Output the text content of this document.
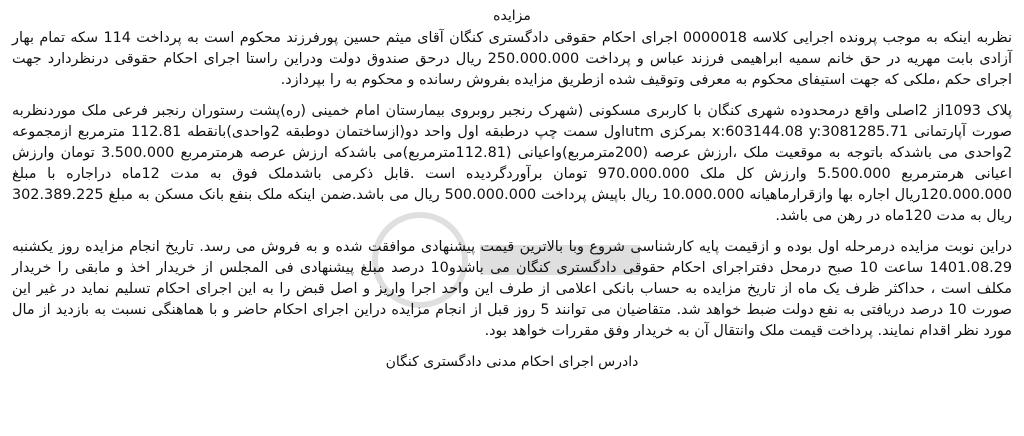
مزایده

نظربه اینکه به موجب پرونده اجرایی کلاسه 0000018 اجرای احکام حقوقی دادگستری کنگان آقای میثم حسین پورفرزند محکوم است به پرداخت 114 سکه تمام بهار آزادی بابت مهریه در حق خانم سمیه ابراهیمی فرزند عباس و پرداخت 250.000.000 ریال درحق صندوق دولت ودراین راستا اجرای احکام حقوقی درنظردارد جهت اجرای حکم ،ملکی که جهت استیفای محکوم به معرفی وتوقیف شده ازطریق مزایده بفروش رسانده و محکوم به را بپردازد.

پلاک 1093از 2اصلی واقع درمحدوده شهری کنگان با کاربری مسکونی (شهرک رنجبر روبروی بیمارستان امام خمینی (ره)پشت رستوران رنجبر فرعی ملک موردنظربه صورت آپارتمانی x:603144.08 y:3081285.71 بمرکزی utmاول سمت چپ درطبقه اول واحد دو(ازساختمان دوطبقه 2واحدی)بانقطه 112.81 مترمربع ازمجموعه 2واحدی می باشدکه باتوجه به موقعیت ملک ،ارزش عرصه (200مترمربع)واعیانی (112.81مترمربع)می باشدکه ارزش عرصه هرمترمربع 3.500.000 تومان وارزش اعیانی هرمترمربع 5.500.000 وارزش کل ملک 970.000.000 تومان برآوردگردیده است .قابل ذکرمی باشدملک فوق به مدت 12ماه دراجاره با مبلغ 120.000.000ریال اجاره بها وازقرارماهیانه 10.000.000 ریال باپیش پرداخت 500.000.000 ریال می باشد.ضمن اینکه ملک بنفع بانک مسکن به مبلغ 302.389.225 ریال به مدت 120ماه در رهن می باشد.

دراین نوبت مزایده درمرحله اول بوده و ازقیمت پایه کارشناسی شروع وبا بالاترین قیمت پیشنهادی موافقت شده و به فروش می رسد. تاریخ انجام مزایده روز یکشنبه 1401.08.29 ساعت 10 صبح درمحل دفتراجرای احکام حقوقی دادگستری کنگان می باشدو10 درصد مبلغ پیشنهادی فی المجلس از خریدار اخذ و مابقی را خریدار مکلف است ، حداکثر ظرف یک ماه از تاریخ مزایده به حساب بانکی اعلامی از طرف این واحد اجرا واریز و اصل قبض را به این اجرای احکام تسلیم نماید در غیر این صورت 10 درصد دریافتی به نفع دولت ضبط خواهد شد. متقاضیان می توانند 5 روز قبل از انجام مزایده دراین اجرای احکام حاضر و با هماهنگی نسبت به بازدید از مال مورد نظر اقدام نمایند. پرداخت قیمت ملک وانتقال آن به خریدار وفق مقررات خواهد بود.

دادرس اجرای احکام مدنی دادگستری کنگان
